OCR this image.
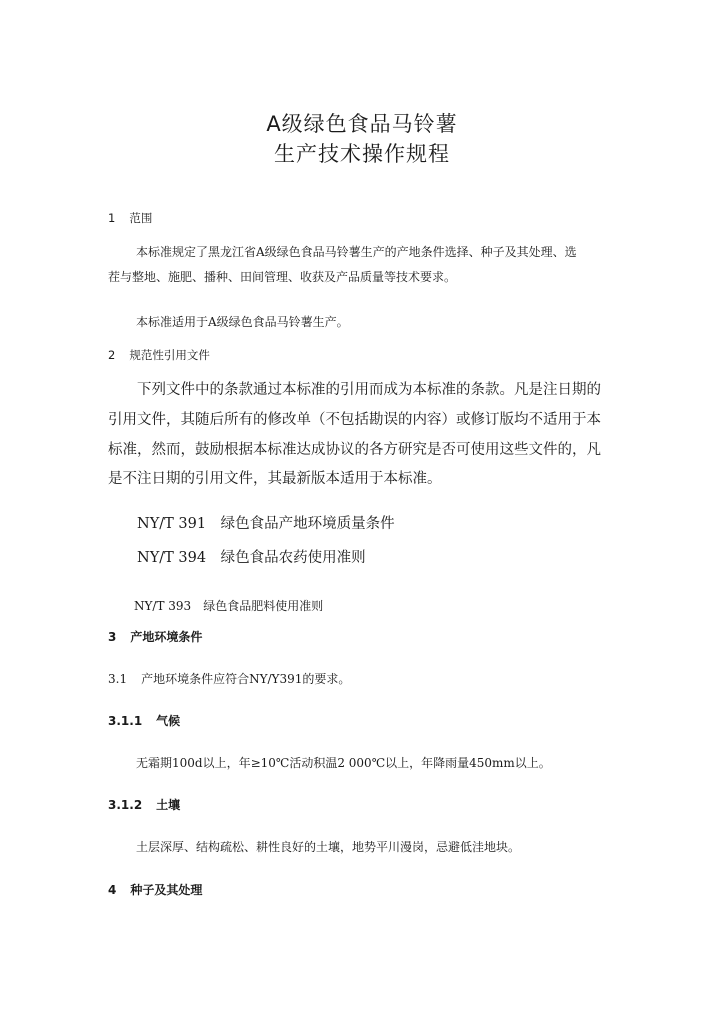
A级绿色食品马铃薯
生产技术操作规程
1 范围
本标准规定了黑龙江省A级绿色食品马铃薯生产的产地条件选择、种子及其处理、选
茬与整地、施肥、播种、田间管理、收获及产品质量等技术要求。
本标准适用于A级绿色食品马铃薯生产。
2 规范性引用文件
下列文件中的条款通过本标准的引用而成为本标准的条款。凡是注日期的
引用文件，其随后所有的修改单（不包括勘误的内容）或修订版均不适用于本
标准，然而，鼓励根据本标准达成协议的各方研究是否可使用这些文件的，凡
是不注日期的引用文件，其最新版本适用于本标准。
NY/T 391　绿色食品产地环境质量条件
NY/T 394　绿色食品农药使用准则
NY/T 393　绿色食品肥料使用准则
3 产地环境条件
3.1 产地环境条件应符合NY/Y391的要求。
3.1.1 气候
无霜期100d以上，年≥10℃活动积温2 000℃以上，年降雨量450mm以上。
3.1.2 土壤
土层深厚、结构疏松、耕性良好的土壤，地势平川漫岗，忌避低洼地块。
4 种子及其处理
